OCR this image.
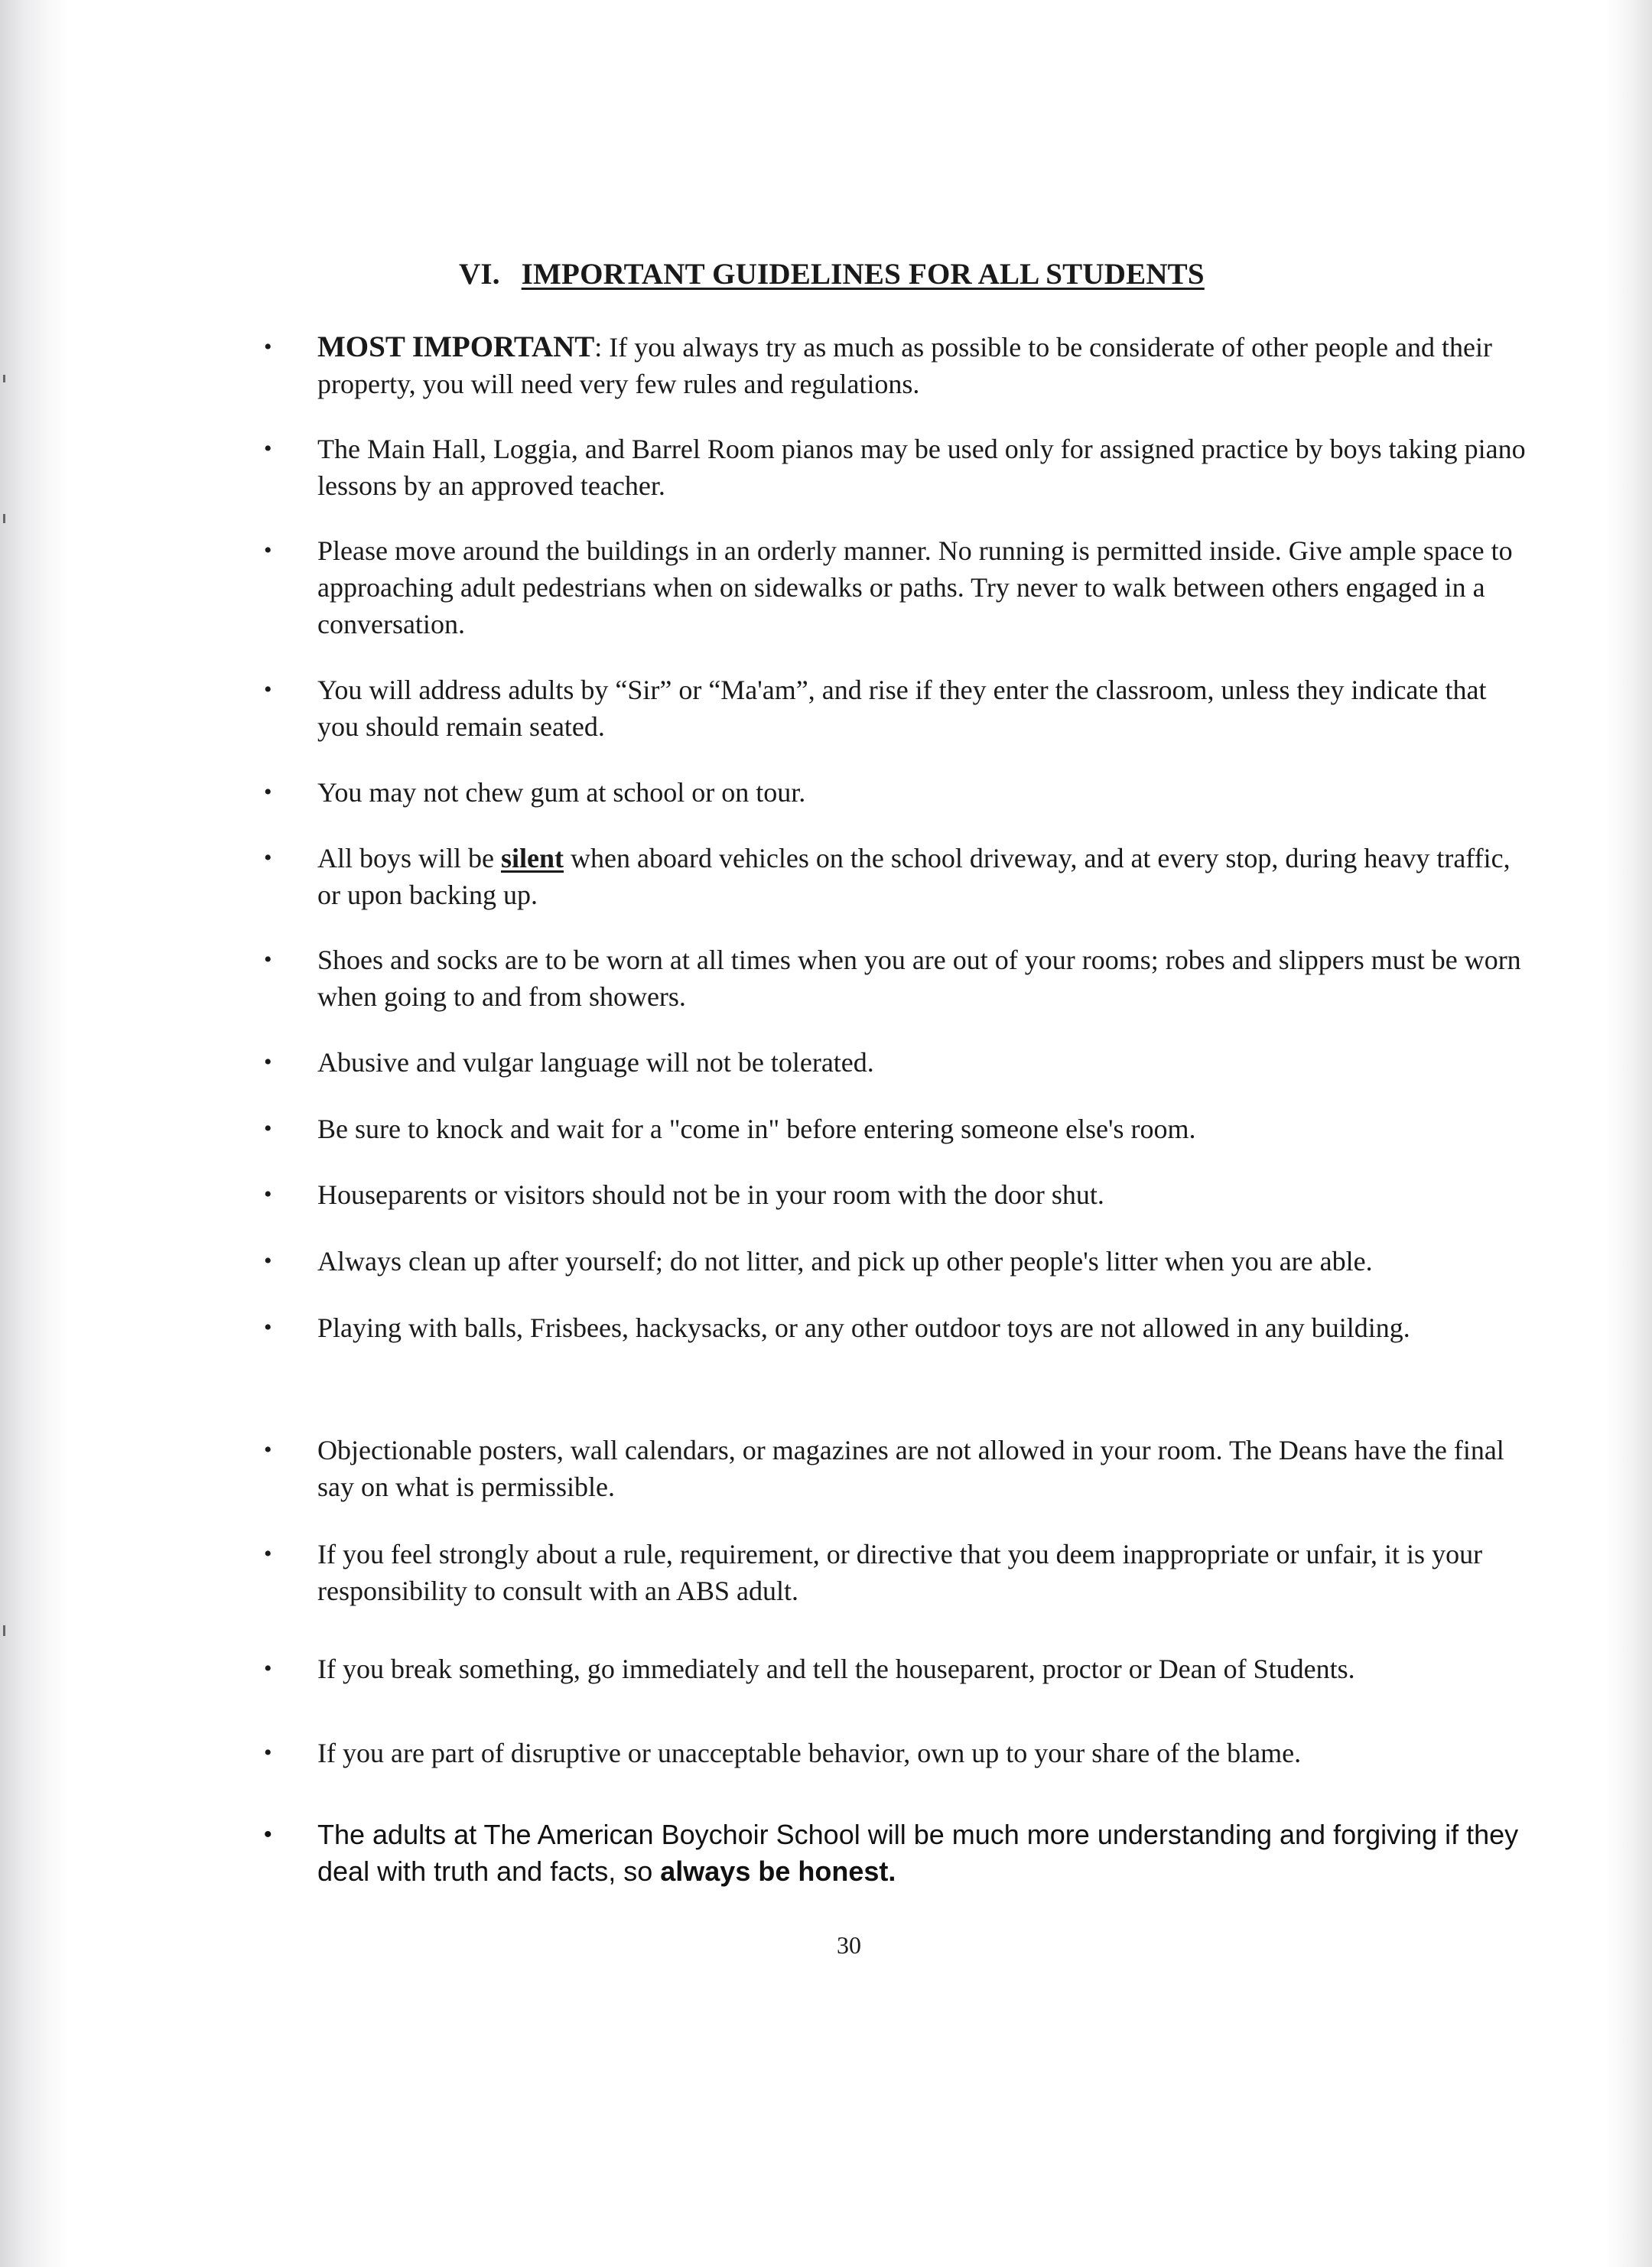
VI. IMPORTANT GUIDELINES FOR ALL STUDENTS
•	MOST IMPORTANT: If you always try as much as possible to be considerate of other people and their property, you will need very few rules and regulations.
•	The Main Hall, Loggia, and Barrel Room pianos may be used only for assigned practice by boys taking piano lessons by an approved teacher.
•	Please move around the buildings in an orderly manner. No running is permitted inside. Give ample space to approaching adult pedestrians when on sidewalks or paths. Try never to walk between others engaged in a conversation.
•	You will address adults by “Sir” or “Ma'am”, and rise if they enter the classroom, unless they indicate that you should remain seated.
•	You may not chew gum at school or on tour.
•	All boys will be silent when aboard vehicles on the school driveway, and at every stop, during heavy traffic, or upon backing up.
•	Shoes and socks are to be worn at all times when you are out of your rooms; robes and slippers must be worn when going to and from showers.
•	Abusive and vulgar language will not be tolerated.
•	Be sure to knock and wait for a "come in" before entering someone else's room.
•	Houseparents or visitors should not be in your room with the door shut.
•	Always clean up after yourself; do not litter, and pick up other people's litter when you are able.
•	Playing with balls, Frisbees, hackysacks, or any other outdoor toys are not allowed in any building.
•	Objectionable posters, wall calendars, or magazines are not allowed in your room. The Deans have the final say on what is permissible.
•	If you feel strongly about a rule, requirement, or directive that you deem inappropriate or unfair, it is your responsibility to consult with an ABS adult.
•	If you break something, go immediately and tell the houseparent, proctor or Dean of Students.
•	If you are part of disruptive or unacceptable behavior, own up to your share of the blame.
•	The adults at The American Boychoir School will be much more understanding and forgiving if they deal with truth and facts, so always be honest.
30
